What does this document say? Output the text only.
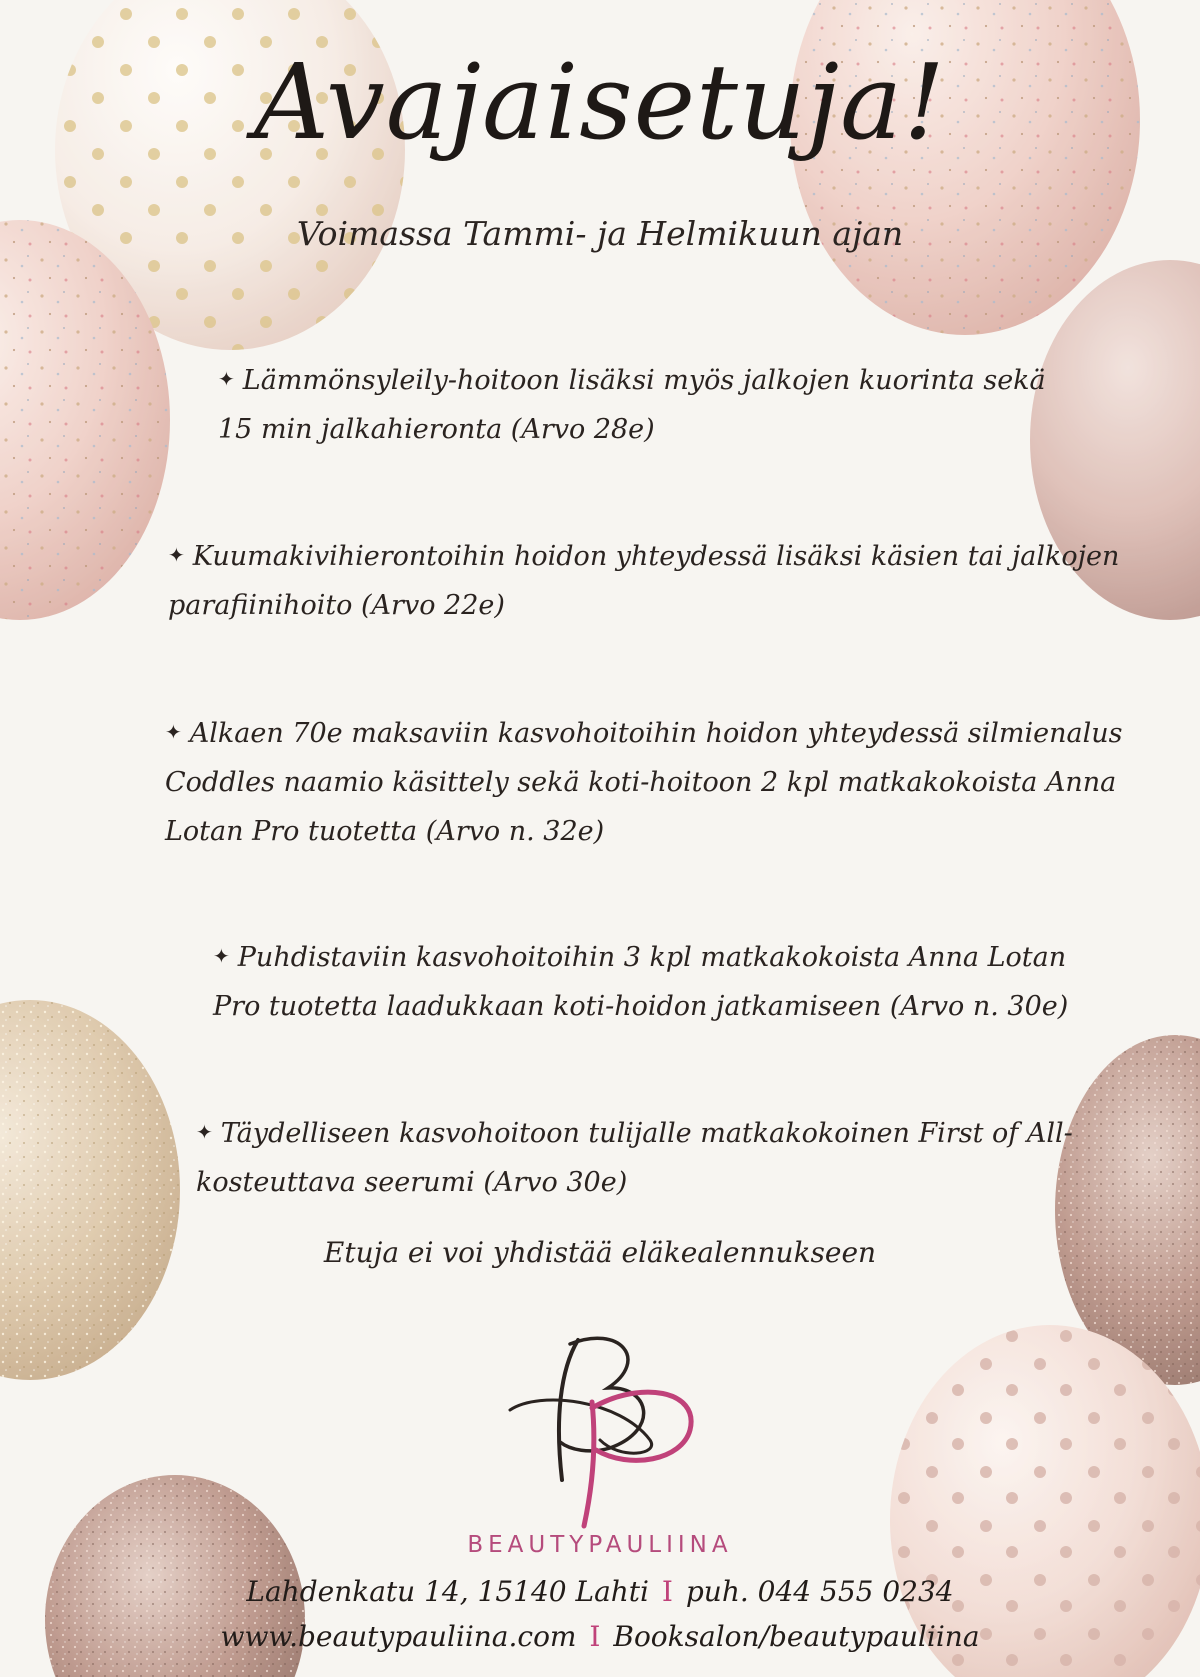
Avajaisetuja!
Voimassa Tammi- ja Helmikuun ajan
✦ Lämmönsyleily-hoitoon lisäksi myös jalkojen kuorinta sekä
15 min jalkahieronta (Arvo 28e)
✦ Kuumakivihierontoihin hoidon yhteydessä lisäksi käsien tai jalkojen
parafiinihoito (Arvo 22e)
✦ Alkaen 70e maksaviin kasvohoitoihin hoidon yhteydessä silmienalus
Coddles naamio käsittely sekä koti-hoitoon 2 kpl matkakokoista Anna
Lotan Pro tuotetta (Arvo n. 32e)
✦ Puhdistaviin kasvohoitoihin 3 kpl matkakokoista Anna Lotan
Pro tuotetta laadukkaan koti-hoidon jatkamiseen (Arvo n. 30e)
✦ Täydelliseen kasvohoitoon tulijalle matkakokoinen First of All-
kosteuttava seerumi (Arvo 30e)
Etuja ei voi yhdistää eläkealennukseen
BEAUTYPAULIINA
Lahdenkatu 14, 15140 Lahti I puh. 044 555 0234
www.beautypauliina.com I Booksalon/beautypauliina
